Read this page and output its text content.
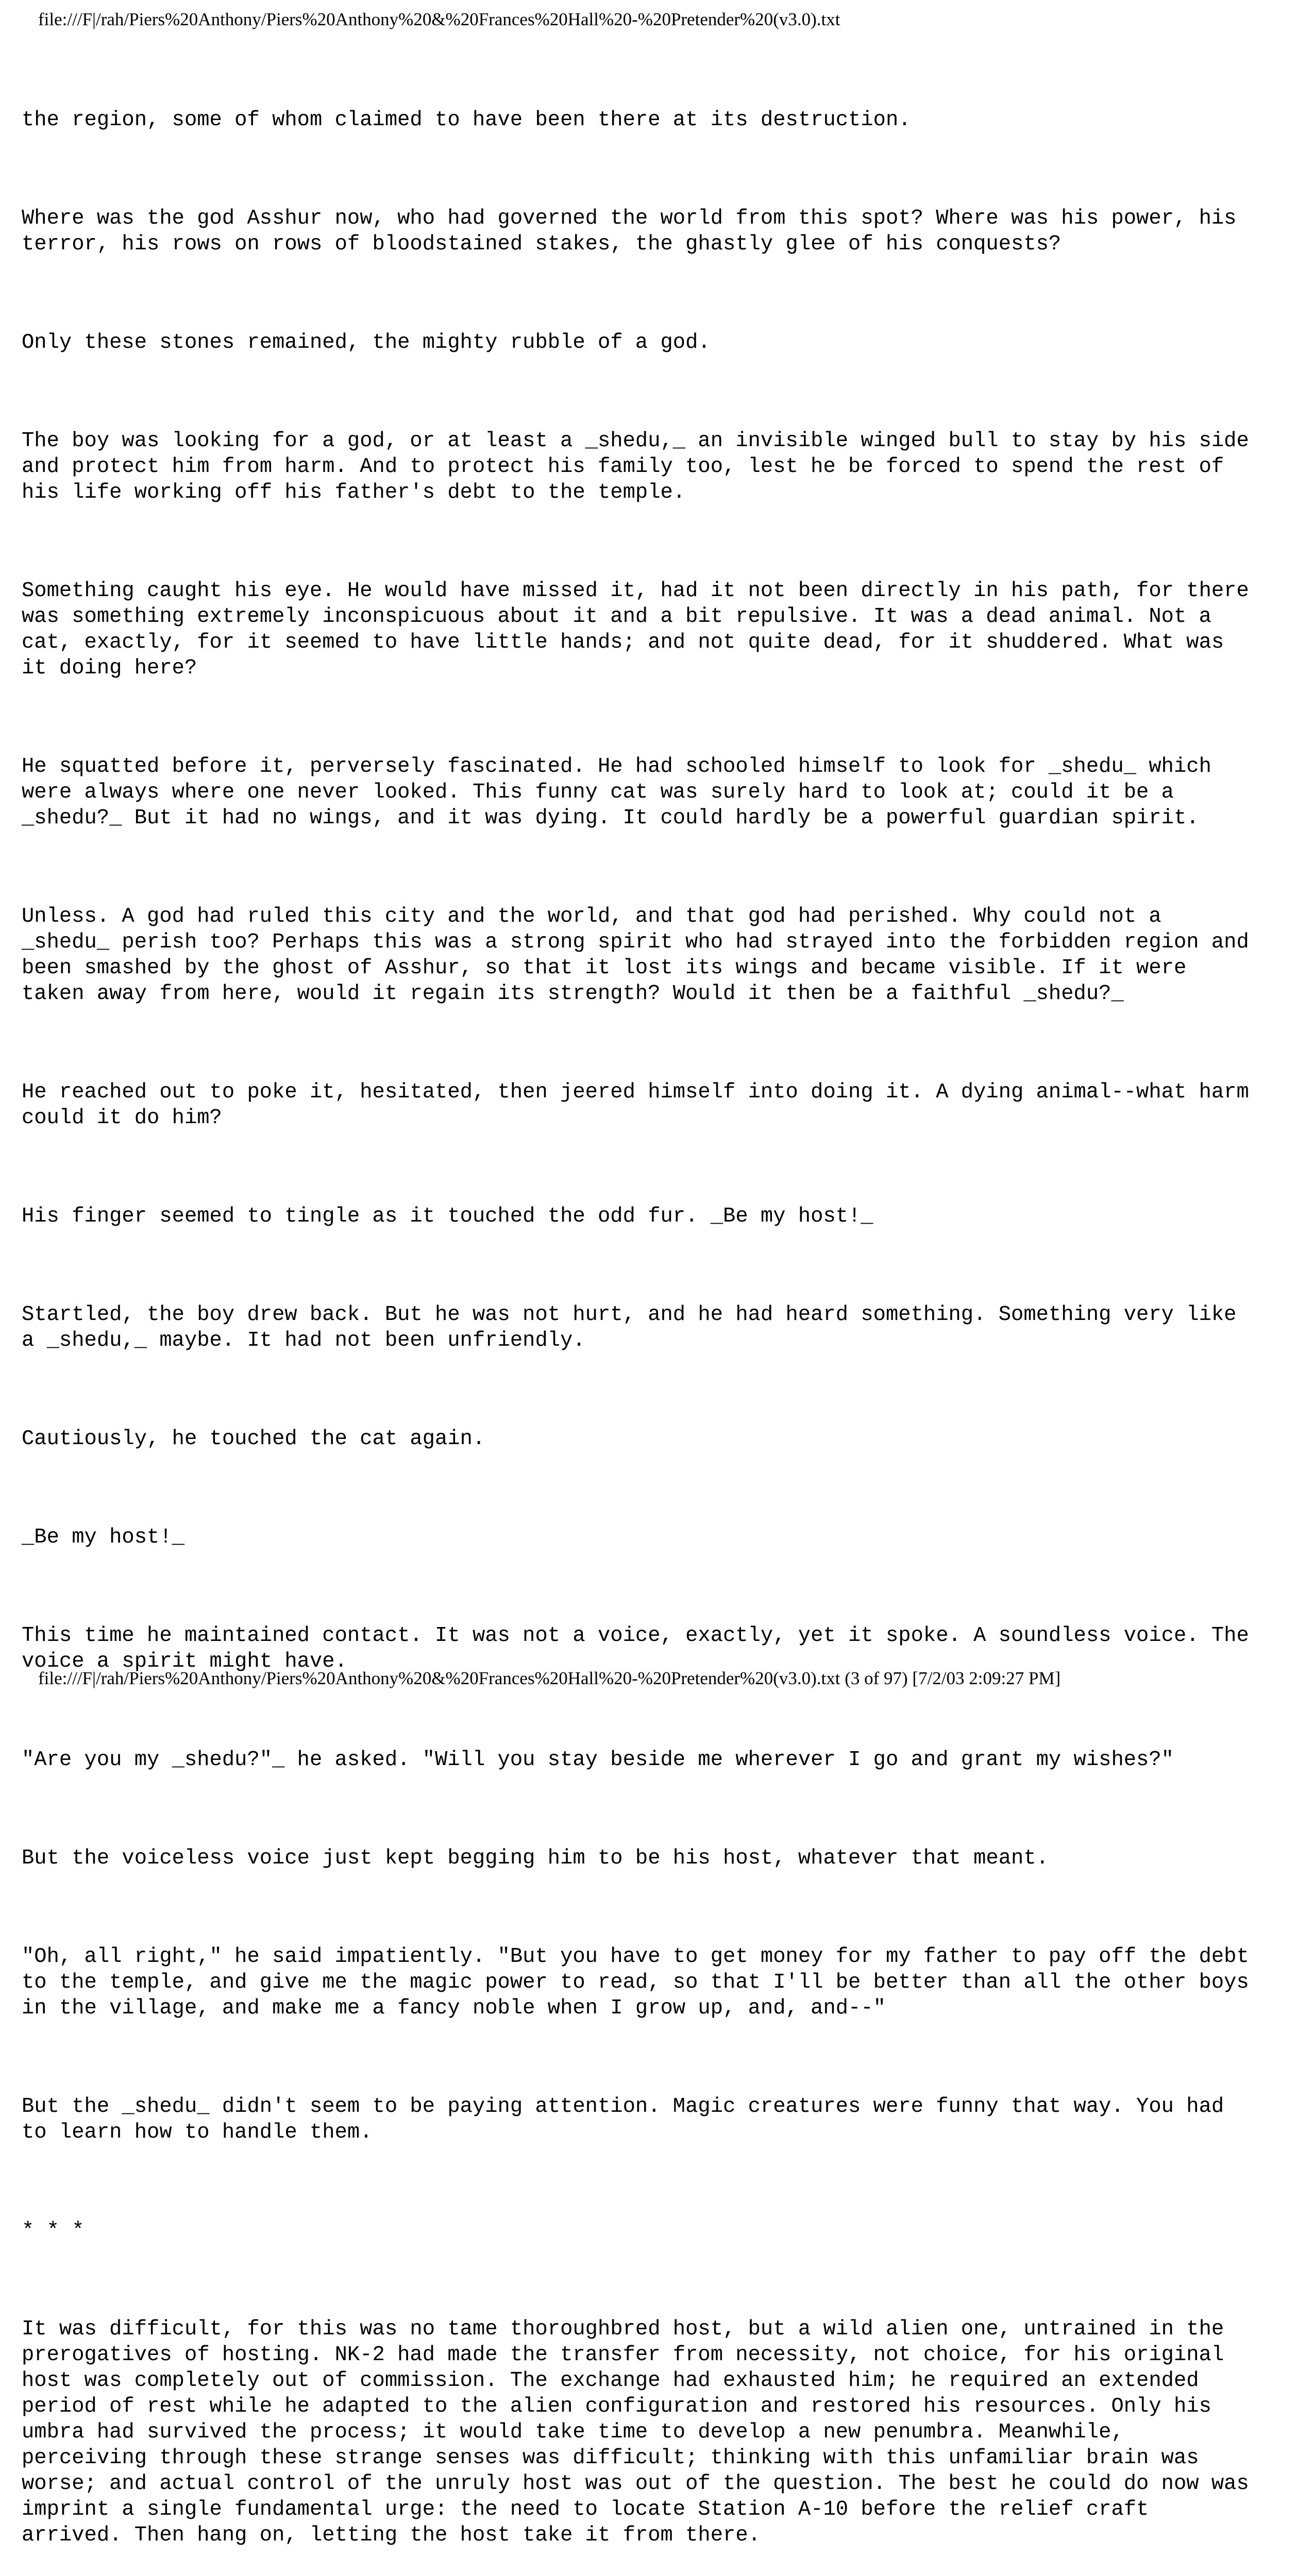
file:///F|/rah/Piers%20Anthony/Piers%20Anthony%20&%20Frances%20Hall%20-%20Pretender%20(v3.0).txt

the region, some of whom claimed to have been there at its destruction.

Where was the god Asshur now, who had governed the world from this spot? Where was his power, his
terror, his rows on rows of bloodstained stakes, the ghastly glee of his conquests?

Only these stones remained, the mighty rubble of a god.

The boy was looking for a god, or at least a _shedu,_ an invisible winged bull to stay by his side
and protect him from harm. And to protect his family too, lest he be forced to spend the rest of
his life working off his father's debt to the temple.

Something caught his eye. He would have missed it, had it not been directly in his path, for there
was something extremely inconspicuous about it and a bit repulsive. It was a dead animal. Not a
cat, exactly, for it seemed to have little hands; and not quite dead, for it shuddered. What was
it doing here?

He squatted before it, perversely fascinated. He had schooled himself to look for _shedu_ which
were always where one never looked. This funny cat was surely hard to look at; could it be a
_shedu?_ But it had no wings, and it was dying. It could hardly be a powerful guardian spirit.

Unless. A god had ruled this city and the world, and that god had perished. Why could not a
_shedu_ perish too? Perhaps this was a strong spirit who had strayed into the forbidden region and
been smashed by the ghost of Asshur, so that it lost its wings and became visible. If it were
taken away from here, would it regain its strength? Would it then be a faithful _shedu?_

He reached out to poke it, hesitated, then jeered himself into doing it. A dying animal--what harm
could it do him?

His finger seemed to tingle as it touched the odd fur. _Be my host!_

Startled, the boy drew back. But he was not hurt, and he had heard something. Something very like
a _shedu,_ maybe. It had not been unfriendly.

Cautiously, he touched the cat again.

_Be my host!_

This time he maintained contact. It was not a voice, exactly, yet it spoke. A soundless voice. The
voice a spirit might have.

"Are you my _shedu?"_ he asked. "Will you stay beside me wherever I go and grant my wishes?"

But the voiceless voice just kept begging him to be his host, whatever that meant.

"Oh, all right," he said impatiently. "But you have to get money for my father to pay off the debt
to the temple, and give me the magic power to read, so that I'll be better than all the other boys
in the village, and make me a fancy noble when I grow up, and, and--"

But the _shedu_ didn't seem to be paying attention. Magic creatures were funny that way. You had
to learn how to handle them.

* * *

It was difficult, for this was no tame thoroughbred host, but a wild alien one, untrained in the
prerogatives of hosting. NK-2 had made the transfer from necessity, not choice, for his original
host was completely out of commission. The exchange had exhausted him; he required an extended
period of rest while he adapted to the alien configuration and restored his resources. Only his
umbra had survived the process; it would take time to develop a new penumbra. Meanwhile,
perceiving through these strange senses was difficult; thinking with this unfamiliar brain was
worse; and actual control of the unruly host was out of the question. The best he could do now was
imprint a single fundamental urge: the need to locate Station A-10 before the relief craft
arrived. Then hang on, letting the host take it from there.

file:///F|/rah/Piers%20Anthony/Piers%20Anthony%20&%20Frances%20Hall%20-%20Pretender%20(v3.0).txt (3 of 97) [7/2/03 2:09:27 PM]
